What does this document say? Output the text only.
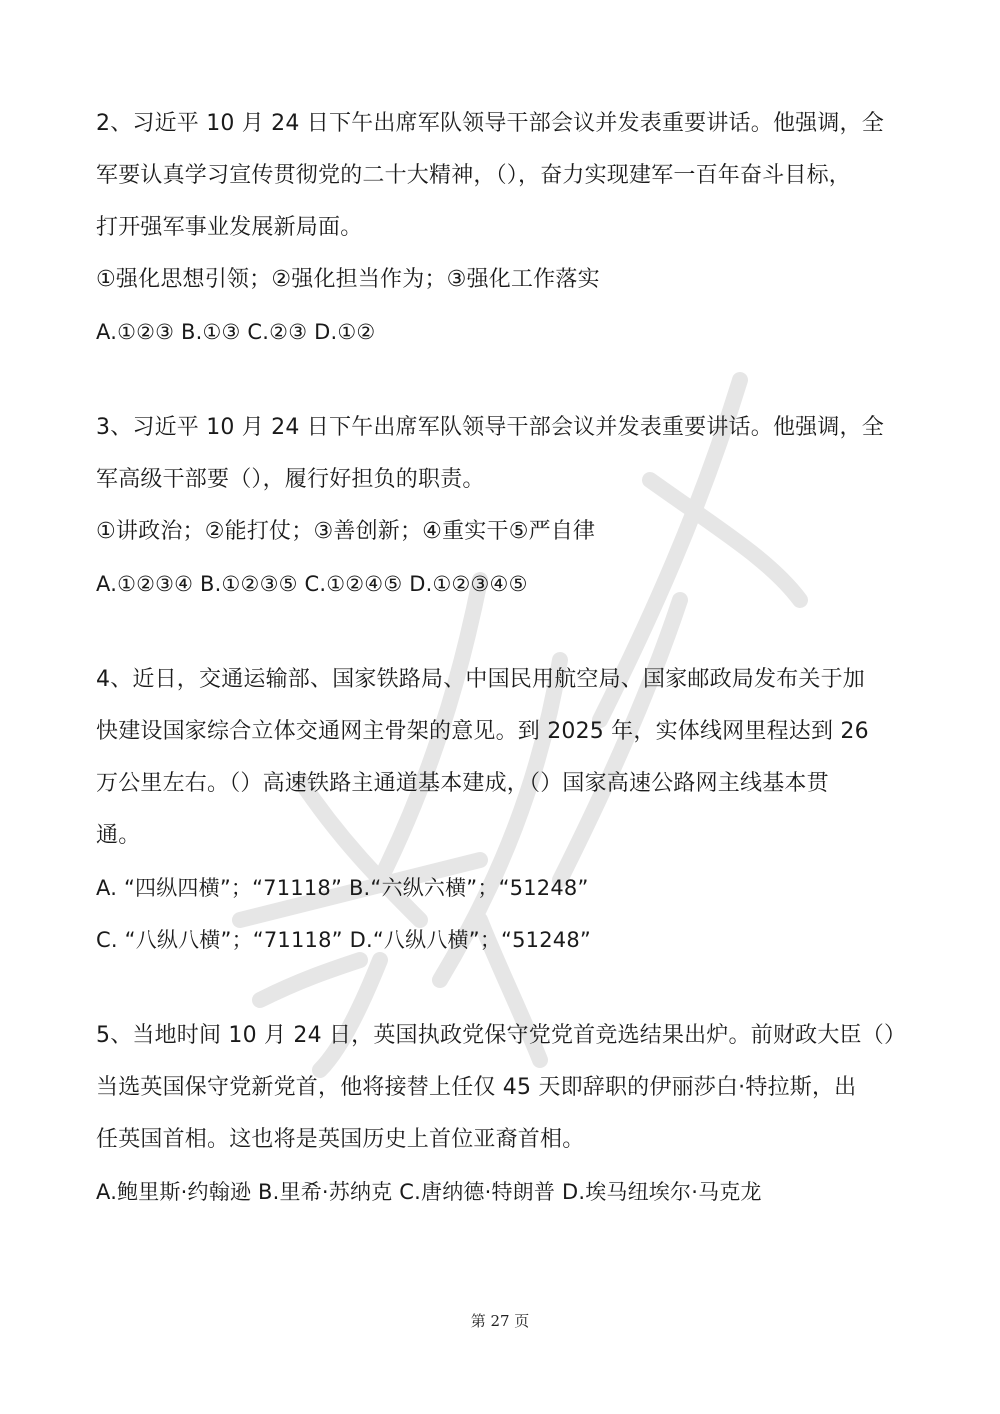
2、习近平 10 月 24 日下午出席军队领导干部会议并发表重要讲话。他强调，全
军要认真学习宣传贯彻党的二十大精神，（），奋力实现建军一百年奋斗目标，
打开强军事业发展新局面。
①强化思想引领；②强化担当作为；③强化工作落实
A.①②③ B.①③ C.②③ D.①②
3、习近平 10 月 24 日下午出席军队领导干部会议并发表重要讲话。他强调，全
军高级干部要（），履行好担负的职责。
①讲政治；②能打仗；③善创新；④重实干⑤严自律
A.①②③④ B.①②③⑤ C.①②④⑤ D.①②③④⑤
4、近日，交通运输部、国家铁路局、中国民用航空局、国家邮政局发布关于加
快建设国家综合立体交通网主骨架的意见。到 2025 年，实体线网里程达到 26
万公里左右。（）高速铁路主通道基本建成，（）国家高速公路网主线基本贯
通。
A. “四纵四横”；“71118” B.“六纵六横”；“51248”
C. “八纵八横”；“71118” D.“八纵八横”；“51248”
5、当地时间 10 月 24 日，英国执政党保守党党首竞选结果出炉。前财政大臣（）
当选英国保守党新党首，他将接替上任仅 45 天即辞职的伊丽莎白·特拉斯，出
任英国首相。这也将是英国历史上首位亚裔首相。
A.鲍里斯·约翰逊 B.里希·苏纳克 C.唐纳德·特朗普 D.埃马纽埃尔·马克龙
第 27 页
